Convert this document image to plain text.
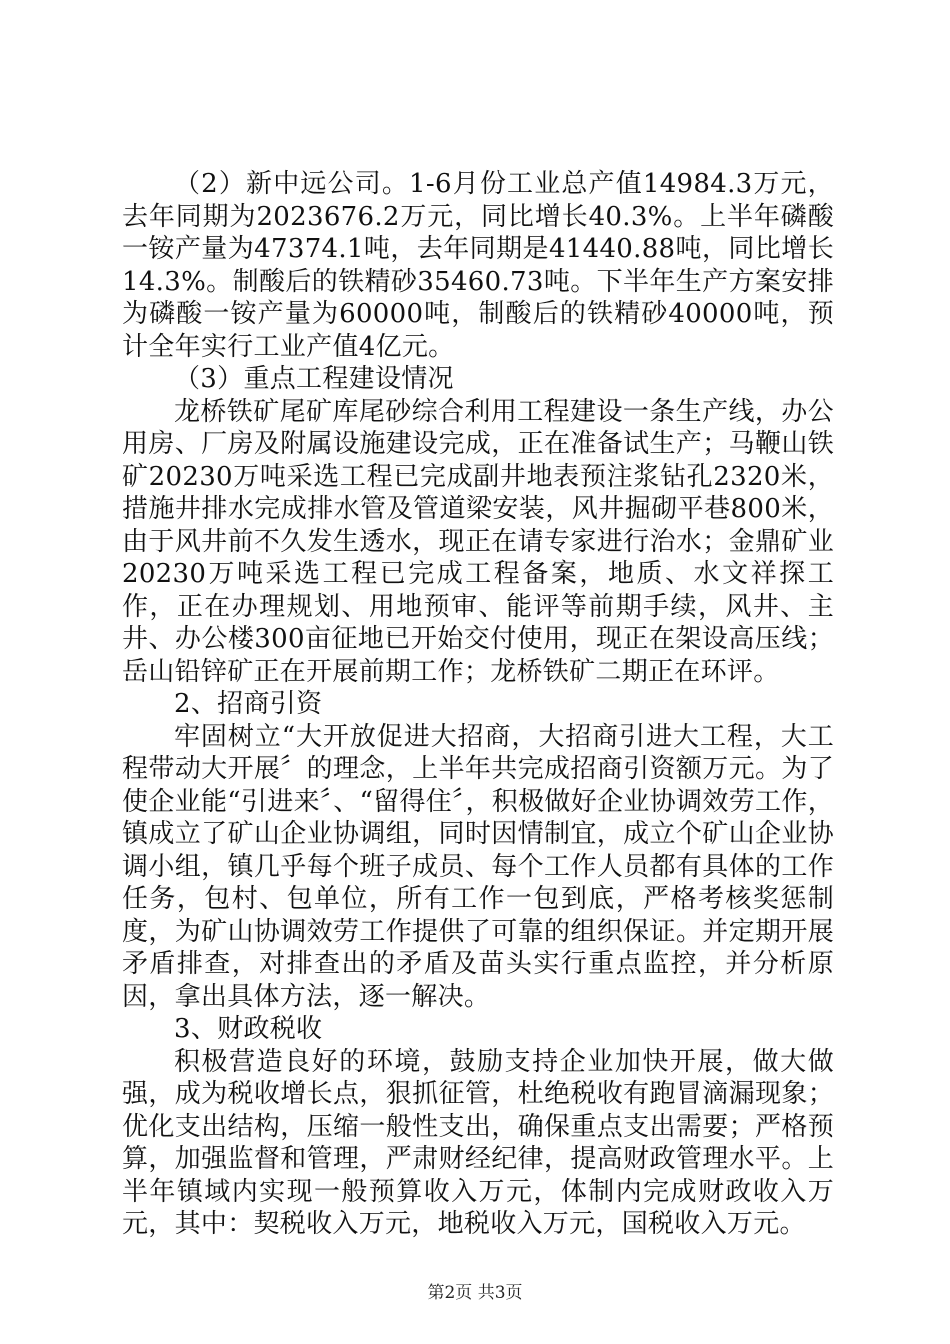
（2）新中远公司。1-6月份工业总产值14984.3万元，去年同期为2023676.2万元，同比增长40.3%。上半年磷酸一铵产量为47374.1吨，去年同期是41440.88吨，同比增长14.3%。制酸后的铁精砂35460.73吨。下半年生产方案安排为磷酸一铵产量为60000吨，制酸后的铁精砂40000吨，预计全年实行工业产值4亿元。

（3）重点工程建设情况

龙桥铁矿尾矿库尾砂综合利用工程建设一条生产线，办公用房、厂房及附属设施建设完成，正在准备试生产；马鞭山铁矿20230万吨采选工程已完成副井地表预注浆钻孔2320米，措施井排水完成排水管及管道梁安装，风井掘砌平巷800米，由于风井前不久发生透水，现正在请专家进行治水；金鼎矿业20230万吨采选工程已完成工程备案，地质、水文祥探工作，正在办理规划、用地预审、能评等前期手续，风井、主井、办公楼300亩征地已开始交付使用，现正在架设高压线；岳山铅锌矿正在开展前期工作；龙桥铁矿二期正在环评。

2、招商引资

牢固树立“大开放促进大招商，大招商引进大工程，大工程带动大开展〞的理念，上半年共完成招商引资额万元。为了使企业能“引进来〞、“留得住〞，积极做好企业协调效劳工作，镇成立了矿山企业协调组，同时因情制宜，成立个矿山企业协调小组，镇几乎每个班子成员、每个工作人员都有具体的工作任务，包村、包单位，所有工作一包到底，严格考核奖惩制度，为矿山协调效劳工作提供了可靠的组织保证。并定期开展矛盾排查，对排查出的矛盾及苗头实行重点监控，并分析原因，拿出具体方法，逐一解决。

3、财政税收

积极营造良好的环境，鼓励支持企业加快开展，做大做强，成为税收增长点，狠抓征管，杜绝税收有跑冒滴漏现象；优化支出结构，压缩一般性支出，确保重点支出需要；严格预算，加强监督和管理，严肃财经纪律，提高财政管理水平。上半年镇域内实现一般预算收入万元，体制内完成财政收入万元，其中：契税收入万元，地税收入万元，国税收入万元。

第2页 共3页
